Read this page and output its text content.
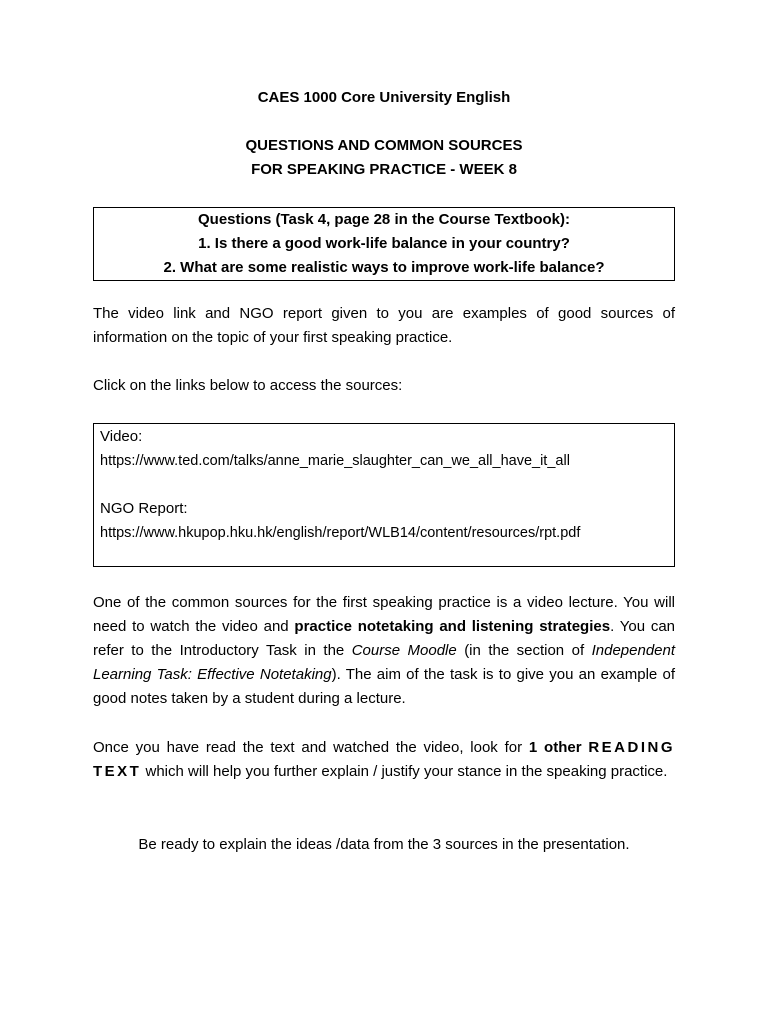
CAES 1000 Core University English
QUESTIONS AND COMMON SOURCES
FOR SPEAKING PRACTICE - WEEK 8
Questions (Task 4, page 28 in the Course Textbook):
1. Is there a good work-life balance in your country?
2. What are some realistic ways to improve work-life balance?
The video link and NGO report given to you are examples of good sources of information on the topic of your first speaking practice.
Click on the links below to access the sources:
Video:
https://www.ted.com/talks/anne_marie_slaughter_can_we_all_have_it_all
NGO Report:
https://www.hkupop.hku.hk/english/report/WLB14/content/resources/rpt.pdf
One of the common sources for the first speaking practice is a video lecture. You will need to watch the video and practice notetaking and listening strategies. You can refer to the Introductory Task in the Course Moodle (in the section of Independent Learning Task: Effective Notetaking). The aim of the task is to give you an example of good notes taken by a student during a lecture.
Once you have read the text and watched the video, look for 1 other READING TEXT which will help you further explain / justify your stance in the speaking practice.
Be ready to explain the ideas /data from the 3 sources in the presentation.
